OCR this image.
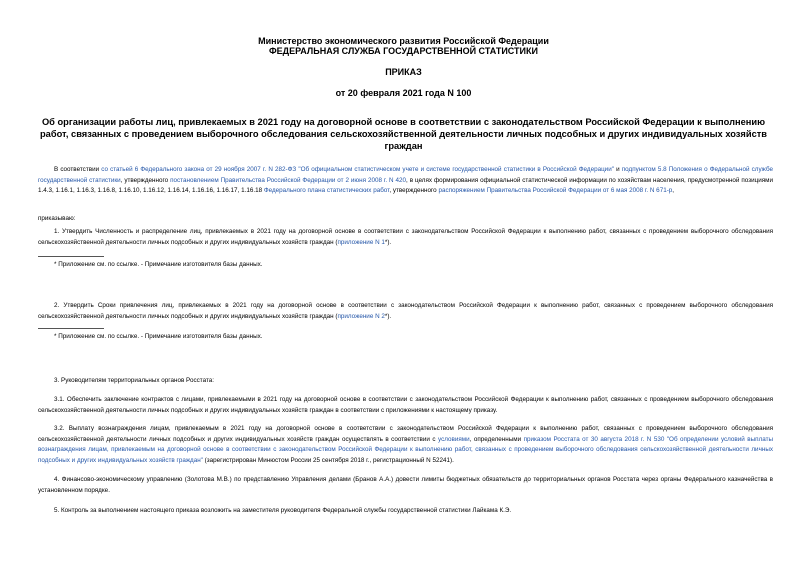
Министерство экономического развития Российской Федерации
ФЕДЕРАЛЬНАЯ СЛУЖБА ГОСУДАРСТВЕННОЙ СТАТИСТИКИ
ПРИКАЗ
от 20 февраля 2021 года N 100
Об организации работы лиц, привлекаемых в 2021 году на договорной основе в соответствии с законодательством Российской Федерации к выполнению работ, связанных с проведением выборочного обследования сельскохозяйственной деятельности личных подсобных и других индивидуальных хозяйств граждан
В соответствии со статьей 6 Федерального закона от 29 ноября 2007 г. N 282-ФЗ "Об официальном статистическом учете и системе государственной статистики в Российской Федерации" и подпунктом 5.8 Положения о Федеральной службе государственной статистики, утвержденного постановлением Правительства Российской Федерации от 2 июня 2008 г. N 420, в целях формирования официальной статистической информации по хозяйствам населения, предусмотренной позициями 1.4.3, 1.16.1, 1.16.3, 1.16.8, 1.16.10, 1.16.12, 1.16.14, 1.16.16, 1.16.17, 1.16.18 Федерального плана статистических работ, утвержденного распоряжением Правительства Российской Федерации от 6 мая 2008 г. N 671-р,
приказываю:
1. Утвердить Численность и распределение лиц, привлекаемых в 2021 году на договорной основе в соответствии с законодательством Российской Федерации к выполнению работ, связанных с проведением выборочного обследования сельскохозяйственной деятельности личных подсобных и других индивидуальных хозяйств граждан (приложение N 1*).
* Приложение см. по ссылке. - Примечание изготовителя базы данных.
2. Утвердить Сроки привлечения лиц, привлекаемых в 2021 году на договорной основе в соответствии с законодательством Российской Федерации к выполнению работ, связанных с проведением выборочного обследования сельскохозяйственной деятельности личных подсобных и других индивидуальных хозяйств граждан (приложение N 2*).
* Приложение см. по ссылке. - Примечание изготовителя базы данных.
3. Руководителям территориальных органов Росстата:
3.1. Обеспечить заключение контрактов с лицами, привлекаемыми в 2021 году на договорной основе в соответствии с законодательством Российской Федерации к выполнению работ, связанных с проведением выборочного обследования сельскохозяйственной деятельности личных подсобных и других индивидуальных хозяйств граждан в соответствии с приложениями к настоящему приказу.
3.2. Выплату вознаграждения лицам, привлекаемым в 2021 году на договорной основе в соответствии с законодательством Российской Федерации к выполнению работ, связанных с проведением выборочного обследования сельскохозяйственной деятельности личных подсобных и других индивидуальных хозяйств граждан осуществлять в соответствии с условиями, определенными приказом Росстата от 30 августа 2018 г. N 530 "Об определении условий выплаты вознаграждения лицам, привлекаемым на договорной основе в соответствии с законодательством Российской Федерации к выполнению работ, связанных с проведением выборочного обследования сельскохозяйственной деятельности личных подсобных и других индивидуальных хозяйств граждан" (зарегистрирован Минюстом России 25 сентября 2018 г., регистрационный N 52241).
4. Финансово-экономическому управлению (Золотова М.В.) по представлению Управления делами (Бранов А.А.) довести лимиты бюджетных обязательств до территориальных органов Росстата через органы Федерального казначейства в установленном порядке.
5. Контроль за выполнением настоящего приказа возложить на заместителя руководителя Федеральной службы государственной статистики Лайкама К.Э.
